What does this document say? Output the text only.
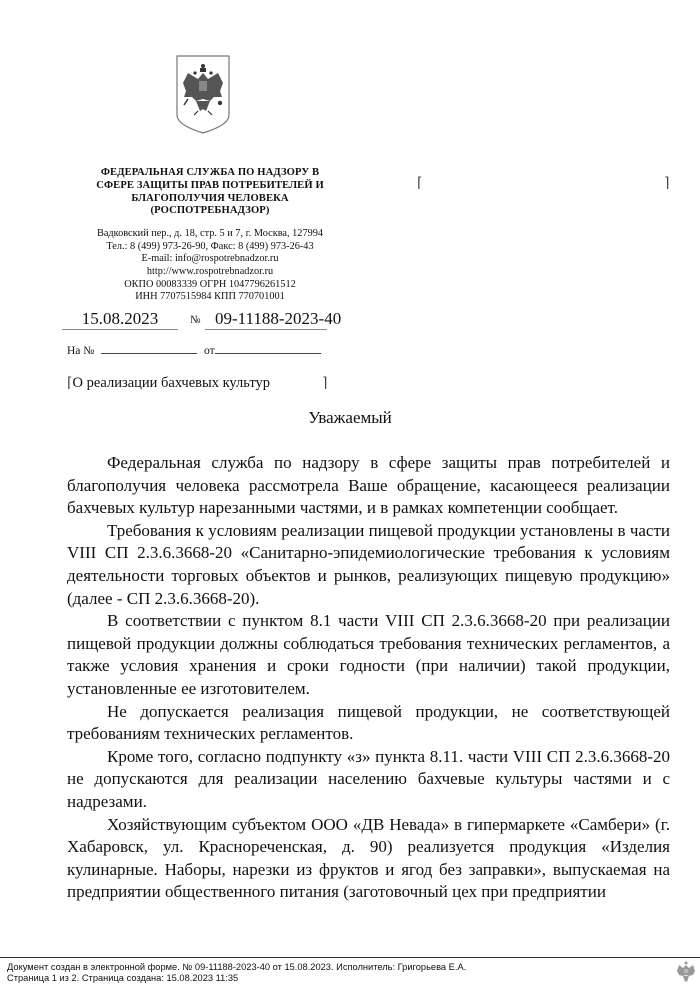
ФЕДЕРАЛЬНАЯ СЛУЖБА ПО НАДЗОРУ В
СФЕРЕ ЗАЩИТЫ ПРАВ ПОТРЕБИТЕЛЕЙ И
БЛАГОПОЛУЧИЯ ЧЕЛОВЕКА
(РОСПОТРЕБНАДЗОР)
Вадковский пер., д. 18, стр. 5 и 7, г. Москва, 127994
Тел.: 8 (499) 973-26-90, Факс: 8 (499) 973-26-43
E-mail: info@rospotrebnadzor.ru
http://www.rospotrebnadzor.ru
ОКПО 00083339 ОГРН 1047796261512
ИНН 7707515984 КПП 770701001
⌈	⌉
15.08.2023	№ 09-11188-2023-40
На №	от
⌈О реализации бахчевых культур	⌉
Уважаемый

Федеральная служба по надзору в сфере защиты прав потребителей и благополучия человека рассмотрела Ваше обращение, касающееся реализации бахчевых культур нарезанными частями, и в рамках компетенции сообщает.

Требования к условиям реализации пищевой продукции установлены в части VIII СП 2.3.6.3668-20 «Санитарно-эпидемиологические требования к условиям деятельности торговых объектов и рынков, реализующих пищевую продукцию» (далее - СП 2.3.6.3668-20).

В соответствии с пунктом 8.1 части VIII СП 2.3.6.3668-20 при реализации пищевой продукции должны соблюдаться требования технических регламентов, а также условия хранения и сроки годности (при наличии) такой продукции, установленные ее изготовителем.

Не допускается реализация пищевой продукции, не соответствующей требованиям технических регламентов.

Кроме того, согласно подпункту «з» пункта 8.11. части VIII СП 2.3.6.3668-20 не допускаются для реализации населению бахчевые культуры частями и с надрезами.

Хозяйствующим субъектом ООО «ДВ Невада» в гипермаркете «Самбери» (г. Хабаровск, ул. Краснореченская, д. 90) реализуется продукция «Изделия кулинарные. Наборы, нарезки из фруктов и ягод без заправки», выпускаемая на предприятии общественного питания (заготовочный цех при предприятии

Документ создан в электронной форме. № 09-11188-2023-40 от 15.08.2023. Исполнитель: Григорьева Е.А.
Страница 1 из 2. Страница создана: 15.08.2023 11:35
